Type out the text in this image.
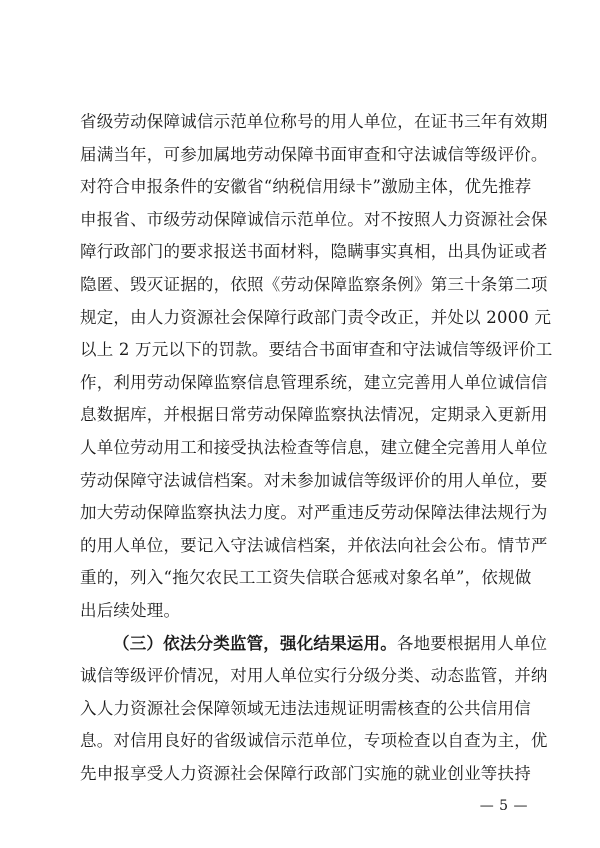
省级劳动保障诚信示范单位称号的用人单位，在证书三年有效期
届满当年，可参加属地劳动保障书面审查和守法诚信等级评价。
对符合申报条件的安徽省“纳税信用绿卡”激励主体，优先推荐
申报省、市级劳动保障诚信示范单位。对不按照人力资源社会保
障行政部门的要求报送书面材料，隐瞒事实真相，出具伪证或者
隐匿、毁灭证据的，依照《劳动保障监察条例》第三十条第二项
规定，由人力资源社会保障行政部门责令改正，并处以 2000 元
以上 2 万元以下的罚款。要结合书面审查和守法诚信等级评价工
作，利用劳动保障监察信息管理系统，建立完善用人单位诚信信
息数据库，并根据日常劳动保障监察执法情况，定期录入更新用
人单位劳动用工和接受执法检查等信息，建立健全完善用人单位
劳动保障守法诚信档案。对未参加诚信等级评价的用人单位，要
加大劳动保障监察执法力度。对严重违反劳动保障法律法规行为
的用人单位，要记入守法诚信档案，并依法向社会公布。情节严
重的，列入“拖欠农民工工资失信联合惩戒对象名单”，依规做
出后续处理。
（三）依法分类监管，强化结果运用。各地要根据用人单位
诚信等级评价情况，对用人单位实行分级分类、动态监管，并纳
入人力资源社会保障领域无违法违规证明需核查的公共信用信
息。对信用良好的省级诚信示范单位，专项检查以自查为主，优
先申报享受人力资源社会保障行政部门实施的就业创业等扶持
— 5 —
